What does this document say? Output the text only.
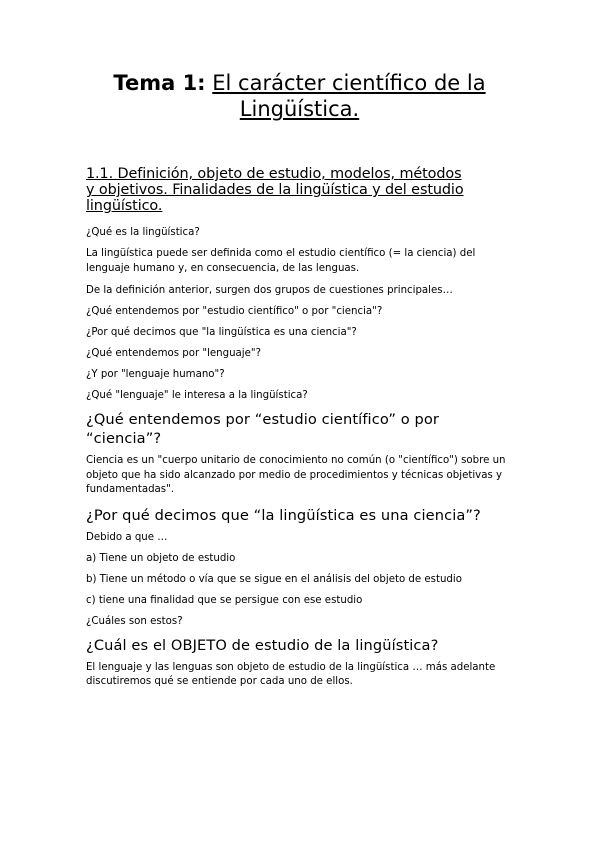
Tema 1: El carácter científico de la
Lingüística.
1.1. Definición, objeto de estudio, modelos, métodos
y objetivos. Finalidades de la lingüística y del estudio
lingüístico.

¿Qué es la lingüística?

La lingüística puede ser definida como el estudio científico (= la ciencia) del lenguaje humano y, en consecuencia, de las lenguas.

De la definición anterior, surgen dos grupos de cuestiones principales…

¿Qué entendemos por "estudio científico" o por "ciencia"?

¿Por qué decimos que "la lingüística es una ciencia"?

¿Qué entendemos por "lenguaje"?

¿Y por "lenguaje humano"?

¿Qué "lenguaje" le interesa a la lingüística?

¿Qué entendemos por “estudio científico” o por “ciencia”?

Ciencia es un "cuerpo unitario de conocimiento no común (o "científico") sobre un objeto que ha sido alcanzado por medio de procedimientos y técnicas objetivas y fundamentadas".

¿Por qué decimos que “la lingüística es una ciencia”?

Debido a que …

a) Tiene un objeto de estudio
b) Tiene un método o vía que se sigue en el análisis del objeto de estudio
c) tiene una finalidad que se persigue con ese estudio

¿Cuáles son estos?

¿Cuál es el OBJETO de estudio de la lingüística?

El lenguaje y las lenguas son objeto de estudio de la lingüística … más adelante discutiremos qué se entiende por cada uno de ellos.
